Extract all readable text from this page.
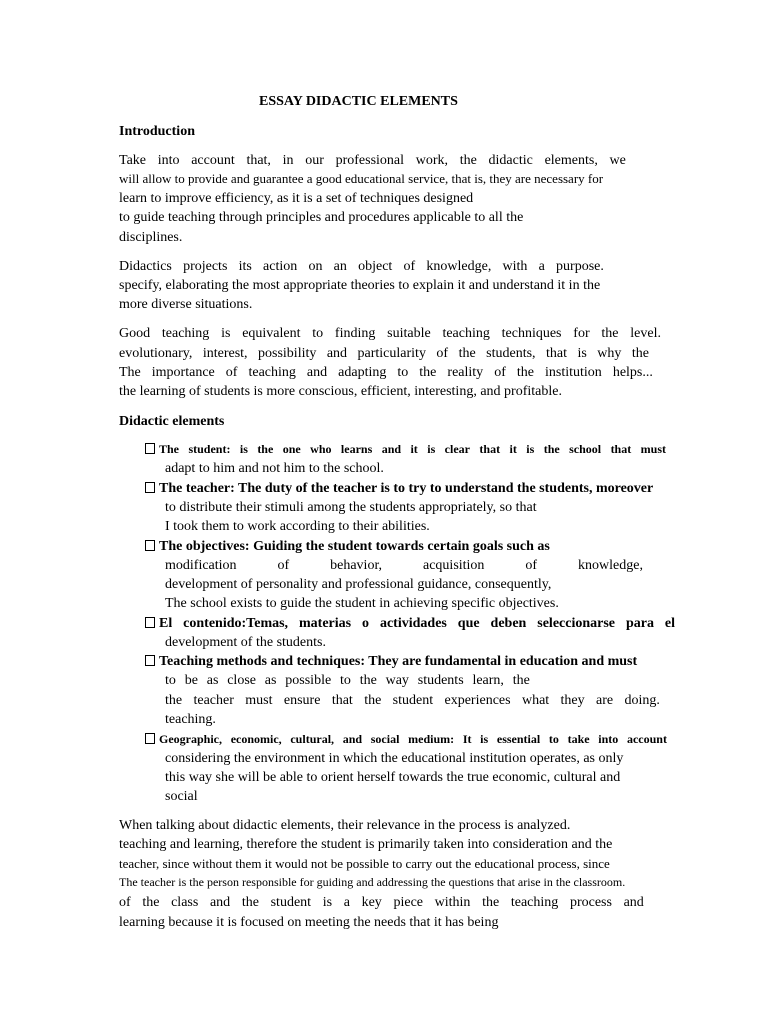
ESSAY DIDACTIC ELEMENTS
Introduction
Take into account that, in our professional work, the didactic elements, we
will allow to provide and guarantee a good educational service, that is, they are necessary for
learn to improve efficiency, as it is a set of techniques designed
to guide teaching through principles and procedures applicable to all the
disciplines.
Didactics projects its action on an object of knowledge, with a purpose.
specify, elaborating the most appropriate theories to explain it and understand it in the
more diverse situations.
Good teaching is equivalent to finding suitable teaching techniques for the level.
evolutionary, interest, possibility and particularity of the students, that is why the
The importance of teaching and adapting to the reality of the institution helps...
the learning of students is more conscious, efficient, interesting, and profitable.
Didactic elements
The student: is the one who learns and it is clear that it is the school that must
adapt to him and not him to the school.
The teacher: The duty of the teacher is to try to understand the students, moreover
to distribute their stimuli among the students appropriately, so that
I took them to work according to their abilities.
The objectives: Guiding the student towards certain goals such as
modification	of	behavior,	acquisition	of	knowledge,
development of personality and professional guidance, consequently,
The school exists to guide the student in achieving specific objectives.
El contenido:Temas, materias o actividades que deben seleccionarse para el
development of the students.
Teaching methods and techniques: They are fundamental in education and must
to be as close as possible to the way students learn, the
the teacher must ensure that the student experiences what they are doing.
teaching.
Geographic, economic, cultural, and social medium: It is essential to take into account
considering the environment in which the educational institution operates, as only
this way she will be able to orient herself towards the true economic, cultural and
social
When talking about didactic elements, their relevance in the process is analyzed.
teaching and learning, therefore the student is primarily taken into consideration and the
teacher, since without them it would not be possible to carry out the educational process, since
The teacher is the person responsible for guiding and addressing the questions that arise in the classroom.
of the class and the student is a key piece within the teaching process and
learning because it is focused on meeting the needs that it has being
